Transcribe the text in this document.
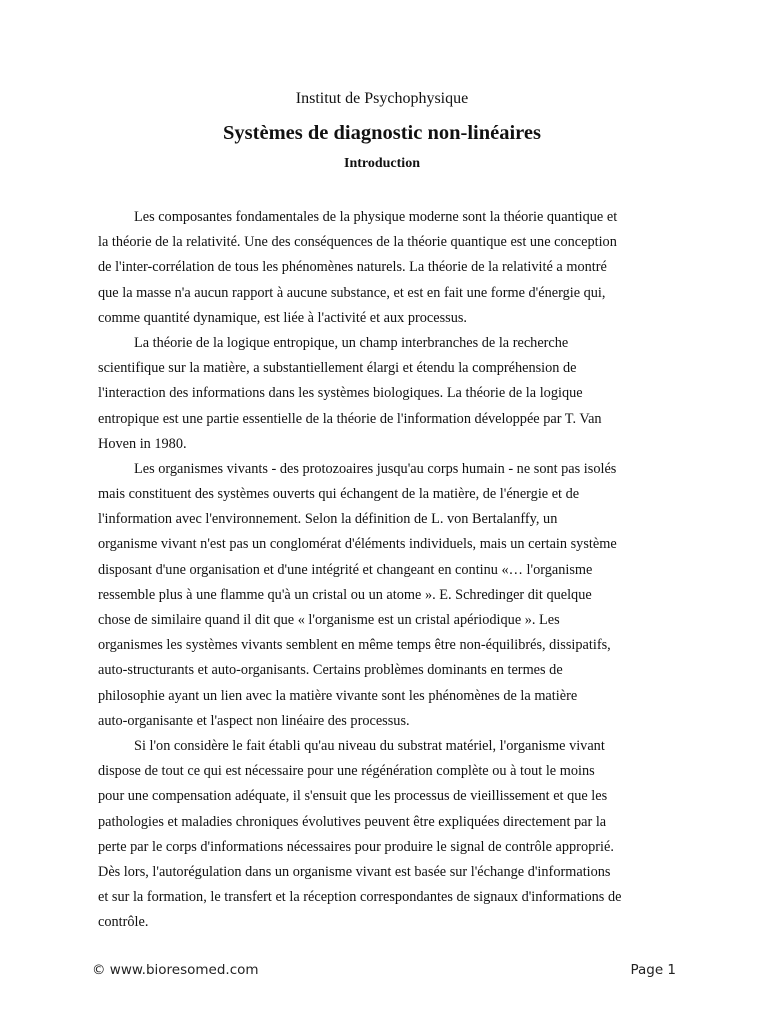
Institut de Psychophysique
Systèmes de diagnostic non-linéaires
Introduction
Les composantes fondamentales de la physique moderne sont la théorie quantique et
la théorie de la relativité. Une des conséquences de la théorie quantique est une conception
de l'inter-corrélation de tous les phénomènes naturels. La théorie de la relativité a montré
que la masse n'a aucun rapport à aucune substance, et est en fait une forme d'énergie qui,
comme quantité dynamique, est liée à l'activité et aux processus.
La théorie de la logique entropique, un champ interbranches de la recherche
scientifique sur la matière, a substantiellement élargi et étendu la compréhension de
l'interaction des informations dans les systèmes biologiques. La théorie de la logique
entropique est une partie essentielle de la théorie de l'information développée par T. Van
Hoven in 1980.
Les organismes vivants - des protozoaires jusqu'au corps humain - ne sont pas isolés
mais constituent des systèmes ouverts qui échangent de la matière, de l'énergie et de
l'information avec l'environnement. Selon la définition de L. von Bertalanffy, un
organisme vivant n'est pas un conglomérat d'éléments individuels, mais un certain système
disposant d'une organisation et d'une intégrité et changeant en continu «… l'organisme
ressemble plus à une flamme qu'à un cristal ou un atome ». E. Schredinger dit quelque
chose de similaire quand il dit que « l'organisme est un cristal apériodique ». Les
organismes les systèmes vivants semblent en même temps être non-équilibrés, dissipatifs,
auto-structurants et auto-organisants. Certains problèmes dominants en termes de
philosophie ayant un lien avec la matière vivante sont les phénomènes de la matière
auto-organisante et l'aspect non linéaire des processus.
Si l'on considère le fait établi qu'au niveau du substrat matériel, l'organisme vivant
dispose de tout ce qui est nécessaire pour une régénération complète ou à tout le moins
pour une compensation adéquate, il s'ensuit que les processus de vieillissement et que les
pathologies et maladies chroniques évolutives peuvent être expliquées directement par la
perte par le corps d'informations nécessaires pour produire le signal de contrôle approprié.
Dès lors, l'autorégulation dans un organisme vivant est basée sur l'échange d'informations
et sur la formation, le transfert et la réception correspondantes de signaux d'informations de
contrôle.
© www.bioresomed.com	Page 1
